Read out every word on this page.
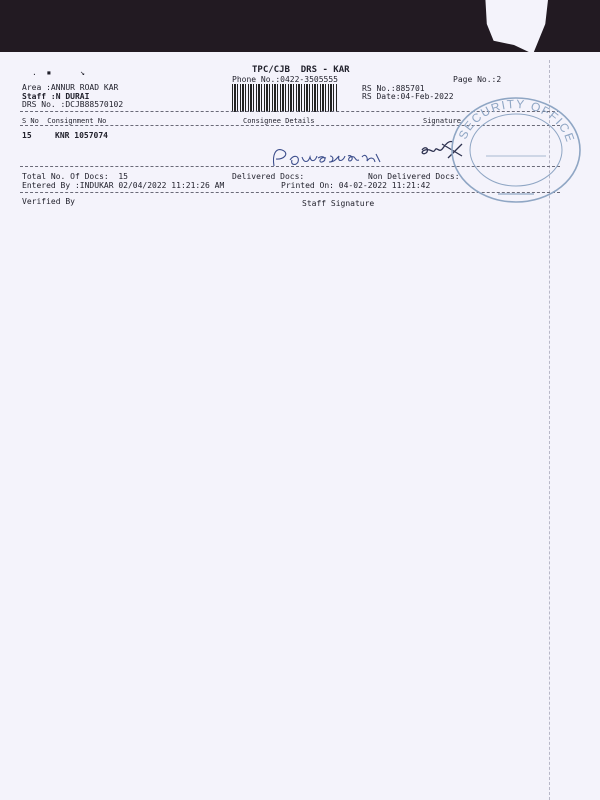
.  ▪      ↘	TPC/CJB  DRS - KAR
Phone No.:0422-3505555	Page No.:2
Area :ANNUR ROAD KAR
Staff :N DURAI
DRS No. :DCJB88570102
RS No.:885701
RS Date:04-Feb-2022
S No  Consignment No	Consignee Details	Signature
15	KNR 1057074
Total No. Of Docs:  15	Delivered Docs:	Non Delivered Docs:
Entered By :INDUKAR 02/04/2022 11:21:26 AM	Printed On: 04-02-2022 11:21:42
Verified By	Staff Signature
SECURITY OFFICE
